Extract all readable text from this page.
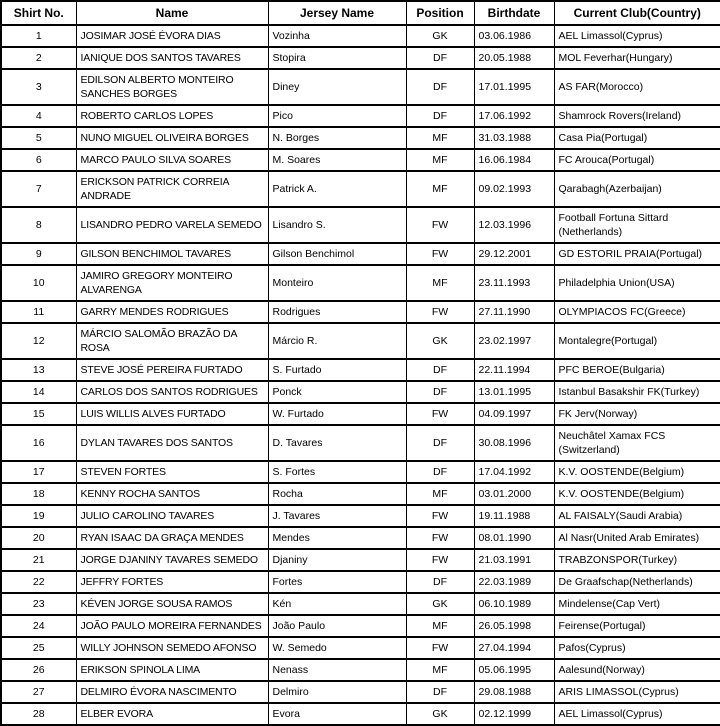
Shirt No.	Name	Jersey Name	Position	Birthdate	Current Club(Country)
1	JOSIMAR JOSÉ ÉVORA DIAS	Vozinha	GK	03.06.1986	AEL Limassol(Cyprus)
2	IANIQUE DOS SANTOS TAVARES	Stopira	DF	20.05.1988	MOL Feverhar(Hungary)
3	EDILSON ALBERTO MONTEIRO SANCHES BORGES	Diney	DF	17.01.1995	AS FAR(Morocco)
4	ROBERTO CARLOS LOPES	Pico	DF	17.06.1992	Shamrock Rovers(Ireland)
5	NUNO MIGUEL OLIVEIRA BORGES	N. Borges	MF	31.03.1988	Casa Pia(Portugal)
6	MARCO PAULO SILVA SOARES	M. Soares	MF	16.06.1984	FC Arouca(Portugal)
7	ERICKSON PATRICK CORREIA ANDRADE	Patrick A.	MF	09.02.1993	Qarabagh(Azerbaijan)
8	LISANDRO PEDRO VARELA SEMEDO	Lisandro S.	FW	12.03.1996	Football Fortuna Sittard (Netherlands)
9	GILSON BENCHIMOL TAVARES	Gilson Benchimol	FW	29.12.2001	GD ESTORIL PRAIA(Portugal)
10	JAMIRO GREGORY MONTEIRO ALVARENGA	Monteiro	MF	23.11.1993	Philadelphia Union(USA)
11	GARRY MENDES RODRIGUES	Rodrigues	FW	27.11.1990	OLYMPIACOS FC(Greece)
12	MÁRCIO SALOMÃO BRAZÃO DA ROSA	Márcio R.	GK	23.02.1997	Montalegre(Portugal)
13	STEVE JOSÉ PEREIRA FURTADO	S. Furtado	DF	22.11.1994	PFC BEROE(Bulgaria)
14	CARLOS DOS SANTOS RODRIGUES	Ponck	DF	13.01.1995	Istanbul Basakshir FK(Turkey)
15	LUIS WILLIS ALVES FURTADO	W. Furtado	FW	04.09.1997	FK Jerv(Norway)
16	DYLAN TAVARES DOS SANTOS	D. Tavares	DF	30.08.1996	Neuchâtel Xamax FCS (Switzerland)
17	STEVEN FORTES	S. Fortes	DF	17.04.1992	K.V. OOSTENDE(Belgium)
18	KENNY ROCHA SANTOS	Rocha	MF	03.01.2000	K.V. OOSTENDE(Belgium)
19	JULIO CAROLINO TAVARES	J. Tavares	FW	19.11.1988	AL FAISALY(Saudi Arabia)
20	RYAN ISAAC DA GRAÇA MENDES	Mendes	FW	08.01.1990	Al Nasr(United Arab Emirates)
21	JORGE DJANINY TAVARES SEMEDO	Djaniny	FW	21.03.1991	TRABZONSPOR(Turkey)
22	JEFFRY FORTES	Fortes	DF	22.03.1989	De Graafschap(Netherlands)
23	KÉVEN JORGE SOUSA RAMOS	Kén	GK	06.10.1989	Mindelense(Cap Vert)
24	JOÃO PAULO MOREIRA FERNANDES	João Paulo	MF	26.05.1998	Feirense(Portugal)
25	WILLY JOHNSON SEMEDO AFONSO	W. Semedo	FW	27.04.1994	Pafos(Cyprus)
26	ERIKSON SPINOLA LIMA	Nenass	MF	05.06.1995	Aalesund(Norway)
27	DELMIRO ÉVORA NASCIMENTO	Delmiro	DF	29.08.1988	ARIS LIMASSOL(Cyprus)
28	ELBER EVORA	Evora	GK	02.12.1999	AEL Limassol(Cyprus)
